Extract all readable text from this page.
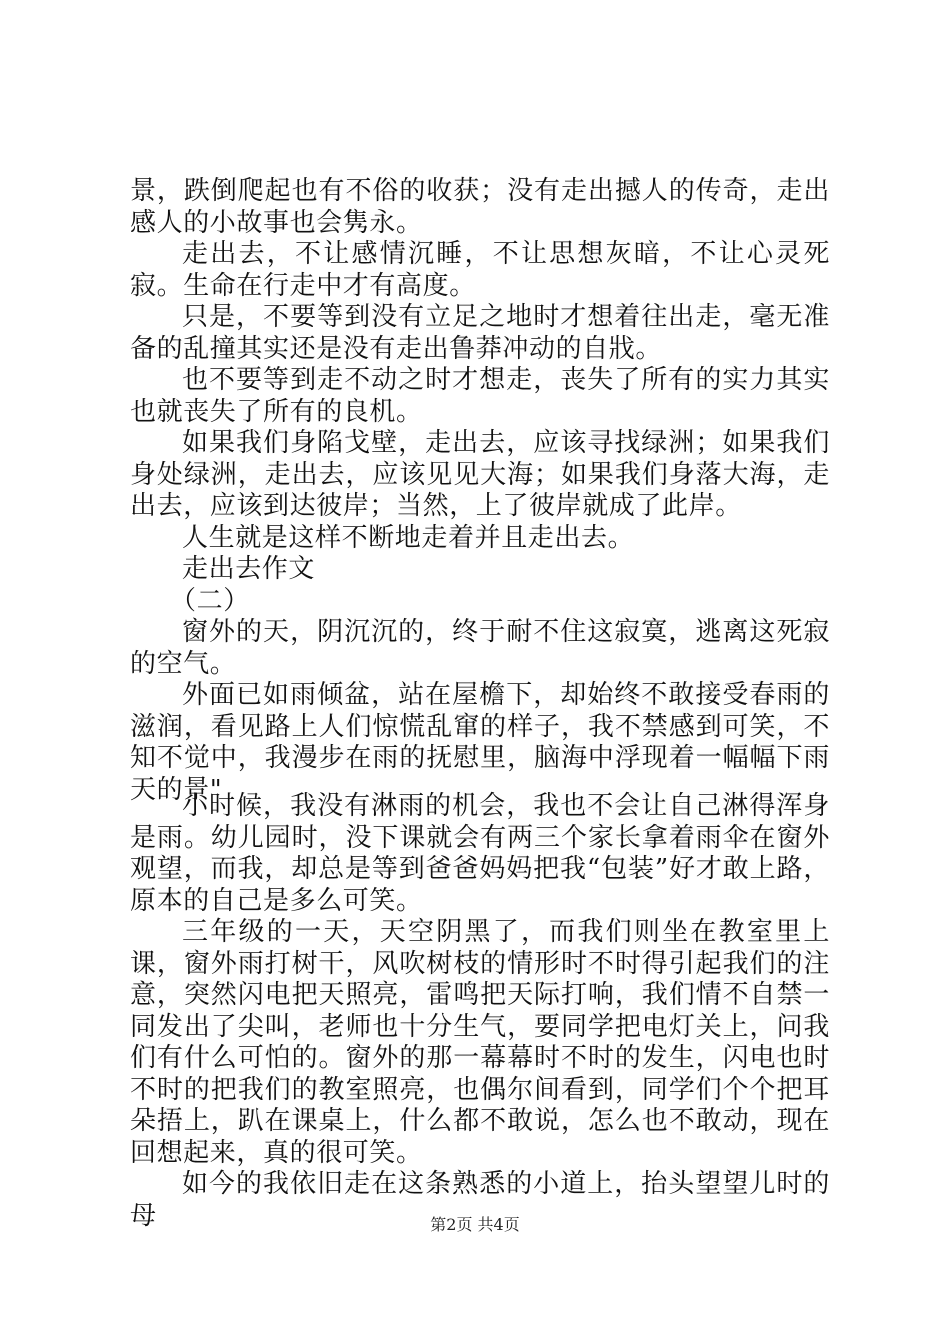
景，跌倒爬起也有不俗的收获；没有走出撼人的传奇，走出感人的小故事也会隽永。

走出去，不让感情沉睡，不让思想灰暗，不让心灵死寂。生命在行走中才有高度。

只是，不要等到没有立足之地时才想着往出走，毫无准备的乱撞其实还是没有走出鲁莽冲动的自戕。

也不要等到走不动之时才想走，丧失了所有的实力其实也就丧失了所有的良机。

如果我们身陷戈壁，走出去，应该寻找绿洲；如果我们身处绿洲，走出去，应该见见大海；如果我们身落大海，走出去，应该到达彼岸；当然，上了彼岸就成了此岸。

人生就是这样不断地走着并且走出去。

走出去作文

（二）

窗外的天，阴沉沉的，终于耐不住这寂寞，逃离这死寂的空气。

外面已如雨倾盆，站在屋檐下，却始终不敢接受春雨的滋润，看见路上人们惊慌乱窜的样子，我不禁感到可笑，不知不觉中，我漫步在雨的抚慰里，脑海中浮现着一幅幅下雨天的景"

小时候，我没有淋雨的机会，我也不会让自己淋得浑身是雨。幼儿园时，没下课就会有两三个家长拿着雨伞在窗外观望，而我，却总是等到爸爸妈妈把我“包装”好才敢上路，原本的自己是多么可笑。

三年级的一天，天空阴黑了，而我们则坐在教室里上课，窗外雨打树干，风吹树枝的情形时不时得引起我们的注意，突然闪电把天照亮，雷鸣把天际打响，我们情不自禁一同发出了尖叫，老师也十分生气，要同学把电灯关上，问我们有什么可怕的。窗外的那一幕幕时不时的发生，闪电也时不时的把我们的教室照亮，也偶尔间看到，同学们个个把耳朵捂上，趴在课桌上，什么都不敢说，怎么也不敢动，现在回想起来，真的很可笑。

如今的我依旧走在这条熟悉的小道上，抬头望望儿时的母	第2页 共4页
